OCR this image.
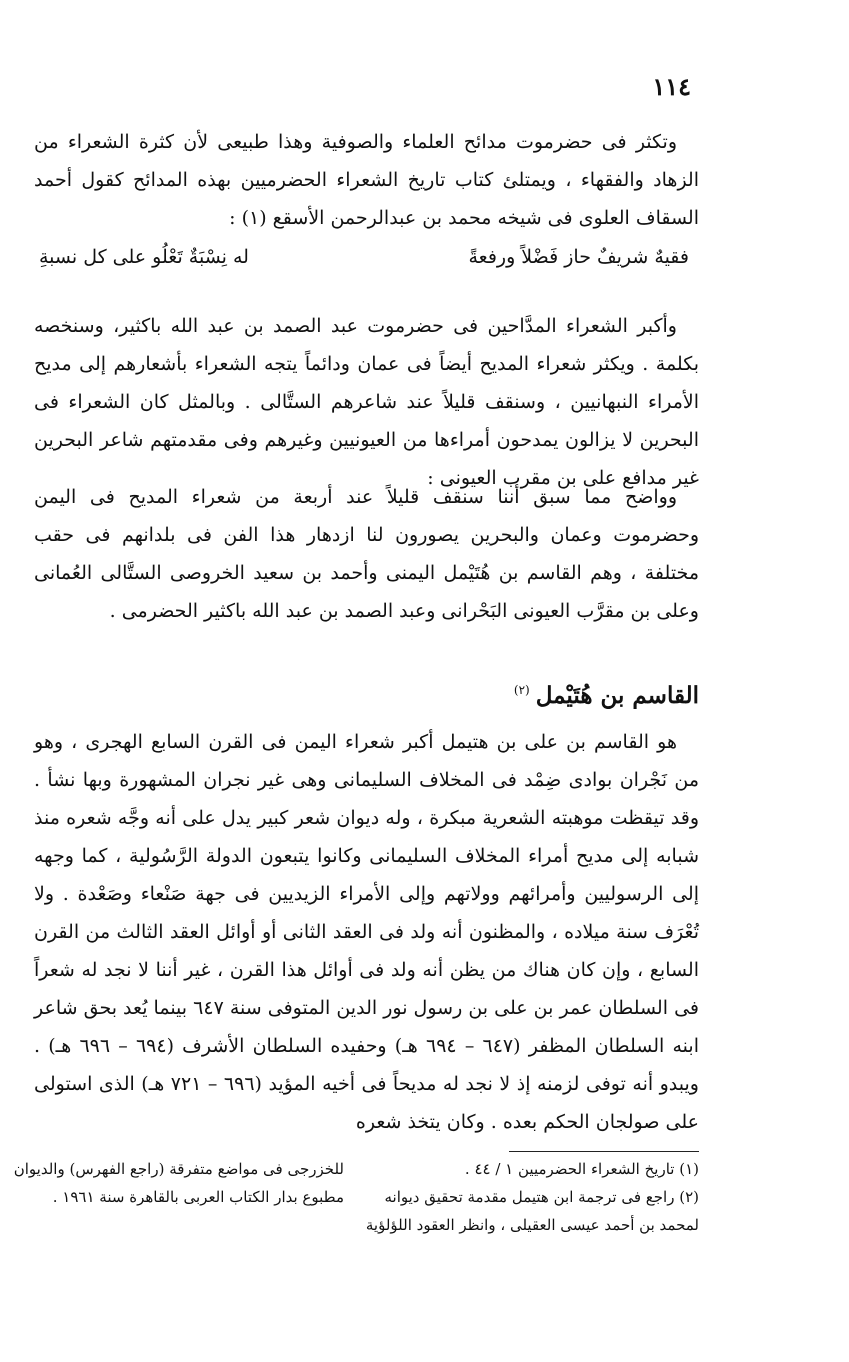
١١٤

وتكثر فى حضرموت مدائح العلماء والصوفية وهذا طبيعى لأن كثرة الشعراء من الزهاد والفقهاء ، ويمتلئ كتاب تاريخ الشعراء الحضرميين بهذه المدائح كقول أحمد السقاف العلوى فى شيخه محمد بن عبدالرحمن الأسقع (١) :

فقيهٌ شريفٌ حاز فَضْلاً ورفعةً
له نِسْبَةٌ تَعْلُو على كل نسبةِ

وأكبر الشعراء المدَّاحين فى حضرموت عبد الصمد بن عبد الله باكثير، وسنخصه بكلمة . ويكثر شعراء المديح أيضاً فى عمان ودائماً يتجه الشعراء بأشعارهم إلى مديح الأمراء النبهانيين ، وسنقف قليلاً عند شاعرهم الستَّالى . وبالمثل كان الشعراء فى البحرين لا يزالون يمدحون أمراءها من العيونيين وغيرهم وفى مقدمتهم شاعر البحرين غير مدافع على بن مقرب العيونى :

وواضح مما سبق أننا سنقف قليلاً عند أربعة من شعراء المديح فى اليمن وحضرموت وعمان والبحرين يصورون لنا ازدهار هذا الفن فى بلدانهم فى حقب مختلفة ، وهم القاسم بن هُتَيْمل اليمنى وأحمد بن سعيد الخروصى الستَّالى العُمانى وعلى بن مقرَّب العيونى البَحْرانى وعبد الصمد بن عبد الله باكثير الحضرمى .

القاسم بن هُتَيْمل$^{(٢)}$

هو القاسم بن على بن هتيمل أكبر شعراء اليمن فى القرن السابع الهجرى ، وهو من نَجْران بوادى ضِمْد فى المخلاف السليمانى وهى غير نجران المشهورة وبها نشأ . وقد تيقظت موهبته الشعرية مبكرة ، وله ديوان شعر كبير يدل على أنه وجَّه شعره منذ شبابه إلى مديح أمراء المخلاف السليمانى وكانوا يتبعون الدولة الرَّسُولية ، كما وجهه إلى الرسوليين وأمرائهم وولاتهم وإلى الأمراء الزيديين فى جهة صَنْعاء وصَعْدة . ولا تُعْرَف سنة ميلاده ، والمظنون أنه ولد فى العقد الثانى أو أوائل العقد الثالث من القرن السابع ، وإن كان هناك من يظن أنه ولد فى أوائل هذا القرن ، غير أننا لا نجد له شعراً فى السلطان عمر بن على بن رسول نور الدين المتوفى سنة ٦٤٧ بينما يُعد بحق شاعر ابنه السلطان المظفر (٦٤٧ – ٦٩٤ هـ) وحفيده السلطان الأشرف (٦٩٤ – ٦٩٦ هـ) . ويبدو أنه توفى لزمنه إذ لا نجد له مديحاً فى أخيه المؤيد (٦٩٦ – ٧٢١ هـ) الذى استولى على صولجان الحكم بعده . وكان يتخذ شعره

(١) تاريخ الشعراء الحضرميين ١ / ٤٤ .

(٢) راجع فى ترجمة ابن هتيمل مقدمة تحقيق ديوانه

لمحمد بن أحمد عيسى العقيلى ، وانظر العقود اللؤلؤية

للخزرجى فى مواضع متفرقة (راجع الفهرس) والديوان

مطبوع بدار الكتاب العربى بالقاهرة سنة ١٩٦١ .
